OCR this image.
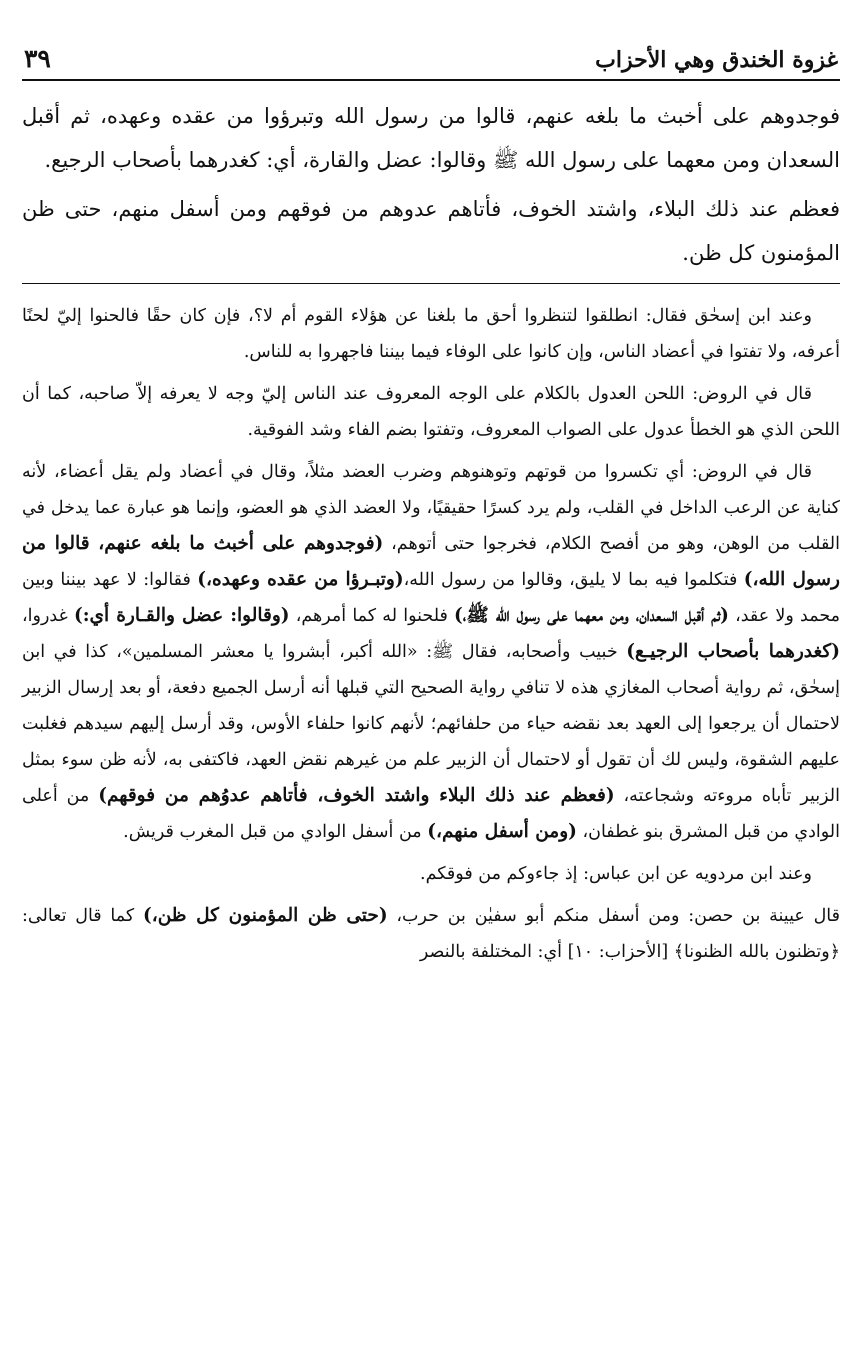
غزوة الخندق وهي الأحزاب
٣٩

فوجدوهم على أخبث ما بلغه عنهم، قالوا من رسول الله وتبرؤوا من عقده وعهده، ثم أقبل السعدان ومن معهما على رسول الله ﷺ وقالوا: عضل والقارة، أي: كغدرهما بأصحاب الرجيع.

فعظم عند ذلك البلاء، واشتد الخوف، فأتاهم عدوهم من فوقهم ومن أسفل منهم، حتى ظن المؤمنون كل ظن.

وعند ابن إسحٰق فقال: انطلقوا لتنظروا أحق ما بلغنا عن هؤلاء القوم أم لا؟، فإن كان حقًا فالحنوا إليّ لحنًا أعرفه، ولا تفتوا في أعضاد الناس، وإن كانوا على الوفاء فيما بيننا فاجهروا به للناس.

قال في الروض: اللحن العدول بالكلام على الوجه المعروف عند الناس إليّ وجه لا يعرفه إلاّ صاحبه، كما أن اللحن الذي هو الخطأ عدول على الصواب المعروف، وتفتوا بضم الفاء وشد الفوقية.

قال في الروض: أي تكسروا من قوتهم وتوهنوهم وضرب العضد مثلاً، وقال في أعضاد ولم يقل أعضاء، لأنه كناية عن الرعب الداخل في القلب، ولم يرد كسرًا حقيقيًا، ولا العضد الذي هو العضو، وإنما هو عبارة عما يدخل في القلب من الوهن، وهو من أفصح الكلام، فخرجوا حتى أتوهم، (فوجدوهم على أخبث ما بلغه عنهم، قالوا من رسول الله،) فتكلموا فيه بما لا يليق، وقالوا من رسول الله،(وتبـرؤا من عقده وعهده،) فقالوا: لا عهد بيننا وبين محمد ولا عقد، (ثم أقبل السعدان، ومن معهما على رسول الله ﷺ،) فلحنوا له كما أمرهم، (وقالوا: عضل والقـارة أي:) غدروا، (كغدرهما بأصحاب الرجيـع) خبيب وأصحابه، فقال ﷺ: «الله أكبر، أبشروا يا معشر المسلمين»، كذا في ابن إسحٰق، ثم رواية أصحاب المغازي هذه لا تنافي رواية الصحيح التي قبلها أنه أرسل الجميع دفعة، أو بعد إرسال الزبير لاحتمال أن يرجعوا إلى العهد بعد نقضه حياء من حلفائهم؛ لأنهم كانوا حلفاء الأوس، وقد أرسل إليهم سيدهم فغلبت عليهم الشقوة، وليس لك أن تقول أو لاحتمال أن الزبير علم من غيرهم نقض العهد، فاكتفى به، لأنه ظن سوء بمثل الزبير تأباه مروءته وشجاعته، (فعظم عند ذلك البلاء واشتد الخوف، فأتاهم عدوُهم من فوقهم) من أعلى الوادي من قبل المشرق بنو غطفان، (ومن أسفل منهم،) من أسفل الوادي من قبل المغرب قريش.

وعند ابن مردويه عن ابن عباس: إذ جاءوكم من فوقكم.

قال عيينة بن حصن: ومن أسفل منكم أبو سفيٰن بن حرب، (حتى ظن المؤمنون كل ظن،) كما قال تعالى: ﴿وتظنون بالله الظنونا﴾ [الأحزاب: ١٠] أي: المختلفة بالنصر
